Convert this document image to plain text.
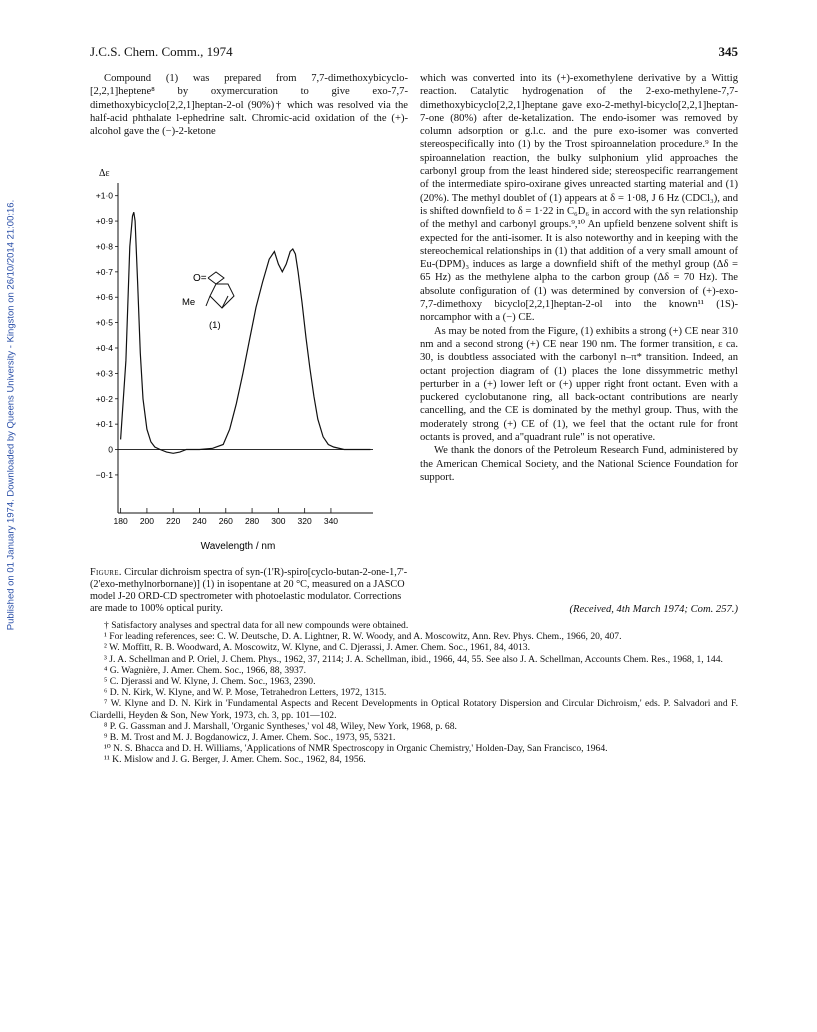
J.C.S. Chem. Comm., 1974	345
Published on 01 January 1974. Downloaded by Queens University - Kingston on 26/10/2014 21:00:16.

Compound (1) was prepared from 7,7-dimethoxybicyclo-[2,2,1]heptene⁸ by oxymercuration to give exo-7,7-dimethoxybicyclo[2,2,1]heptan-2-ol (90%)† which was resolved via the half-acid phthalate l-ephedrine salt. Chromic-acid oxidation of the (+)-alcohol gave the (−)-2-ketone

+1·0
+0·9
+0·8
+0·7
+0·6
+0·5
+0·4
+0·3
+0·2
+0·1
0
−0·1
180 200 220 240 260 280 300 320 340
Δε
Wavelength / nm
O=
Me
(1)
Figure. Circular dichroism spectra of syn-(1'R)-spiro[cyclo-butan-2-one-1,7'-(2'exo-methylnorbornane)] (1) in isopentane at 20 °C, measured on a JASCO model J-20 ORD-CD spectrometer with photoelastic modulator. Corrections are made to 100% optical purity.

which was converted into its (+)-exomethylene derivative by a Wittig reaction. Catalytic hydrogenation of the 2-exo-methylene-7,7-dimethoxybicyclo[2,2,1]heptane gave exo-2-methyl-bicyclo[2,2,1]heptan-7-one (80%) after de-ketalization. The endo-isomer was removed by column adsorption or g.l.c. and the pure exo-isomer was converted stereospecifically into (1) by the Trost spiroannelation procedure.⁹ In the spiroannelation reaction, the bulky sulphonium ylid approaches the carbonyl group from the least hindered side; stereospecific rearrangement of the intermediate spiro-oxirane gives unreacted starting material and (1) (20%). The methyl doublet of (1) appears at δ = 1·08, J 6 Hz (CDCl₃), and is shifted downfield to δ = 1·22 in C₆D₆ in accord with the syn relationship of the methyl and carbonyl groups.⁹,¹⁰ An upfield benzene solvent shift is expected for the anti-isomer. It is also noteworthy and in keeping with the stereochemical relationships in (1) that addition of a very small amount of Eu-(DPM)₃ induces as large a downfield shift of the methyl group (Δδ = 65 Hz) as the methylene alpha to the carbon group (Δδ = 70 Hz). The absolute configuration of (1) was determined by conversion of (+)-exo-7,7-dimethoxy bicyclo[2,2,1]heptan-2-ol into the known¹¹ (1S)-norcamphor with a (−) CE.

As may be noted from the Figure, (1) exhibits a strong (+) CE near 310 nm and a second strong (+) CE near 190 nm. The former transition, ε ca. 30, is doubtless associated with the carbonyl n–π* transition. Indeed, an octant projection diagram of (1) places the lone dissymmetric methyl perturber in a (+) lower left or (+) upper right front octant. Even with a puckered cyclobutanone ring, all back-octant contributions are nearly cancelling, and the CE is dominated by the methyl group. Thus, with the moderately strong (+) CE of (1), we feel that the octant rule for front octants is proved, and a"quadrant rule" is not operative.

We thank the donors of the Petroleum Research Fund, administered by the American Chemical Society, and the National Science Foundation for support.

(Received, 4th March 1974; Com. 257.)

† Satisfactory analyses and spectral data for all new compounds were obtained.

¹ For leading references, see: C. W. Deutsche, D. A. Lightner, R. W. Woody, and A. Moscowitz, Ann. Rev. Phys. Chem., 1966, 20, 407.

² W. Moffitt, R. B. Woodward, A. Moscowitz, W. Klyne, and C. Djerassi, J. Amer. Chem. Soc., 1961, 84, 4013.

³ J. A. Schellman and P. Oriel, J. Chem. Phys., 1962, 37, 2114; J. A. Schellman, ibid., 1966, 44, 55. See also J. A. Schellman, Accounts Chem. Res., 1968, 1, 144.

⁴ G. Wagnière, J. Amer. Chem. Soc., 1966, 88, 3937.

⁵ C. Djerassi and W. Klyne, J. Chem. Soc., 1963, 2390.

⁶ D. N. Kirk, W. Klyne, and W. P. Mose, Tetrahedron Letters, 1972, 1315.

⁷ W. Klyne and D. N. Kirk in 'Fundamental Aspects and Recent Developments in Optical Rotatory Dispersion and Circular Dichroism,' eds. P. Salvadori and F. Ciardelli, Heyden & Son, New York, 1973, ch. 3, pp. 101—102.

⁸ P. G. Gassman and J. Marshall, 'Organic Syntheses,' vol 48, Wiley, New York, 1968, p. 68.

⁹ B. M. Trost and M. J. Bogdanowicz, J. Amer. Chem. Soc., 1973, 95, 5321.

¹⁰ N. S. Bhacca and D. H. Williams, 'Applications of NMR Spectroscopy in Organic Chemistry,' Holden-Day, San Francisco, 1964.

¹¹ K. Mislow and J. G. Berger, J. Amer. Chem. Soc., 1962, 84, 1956.
